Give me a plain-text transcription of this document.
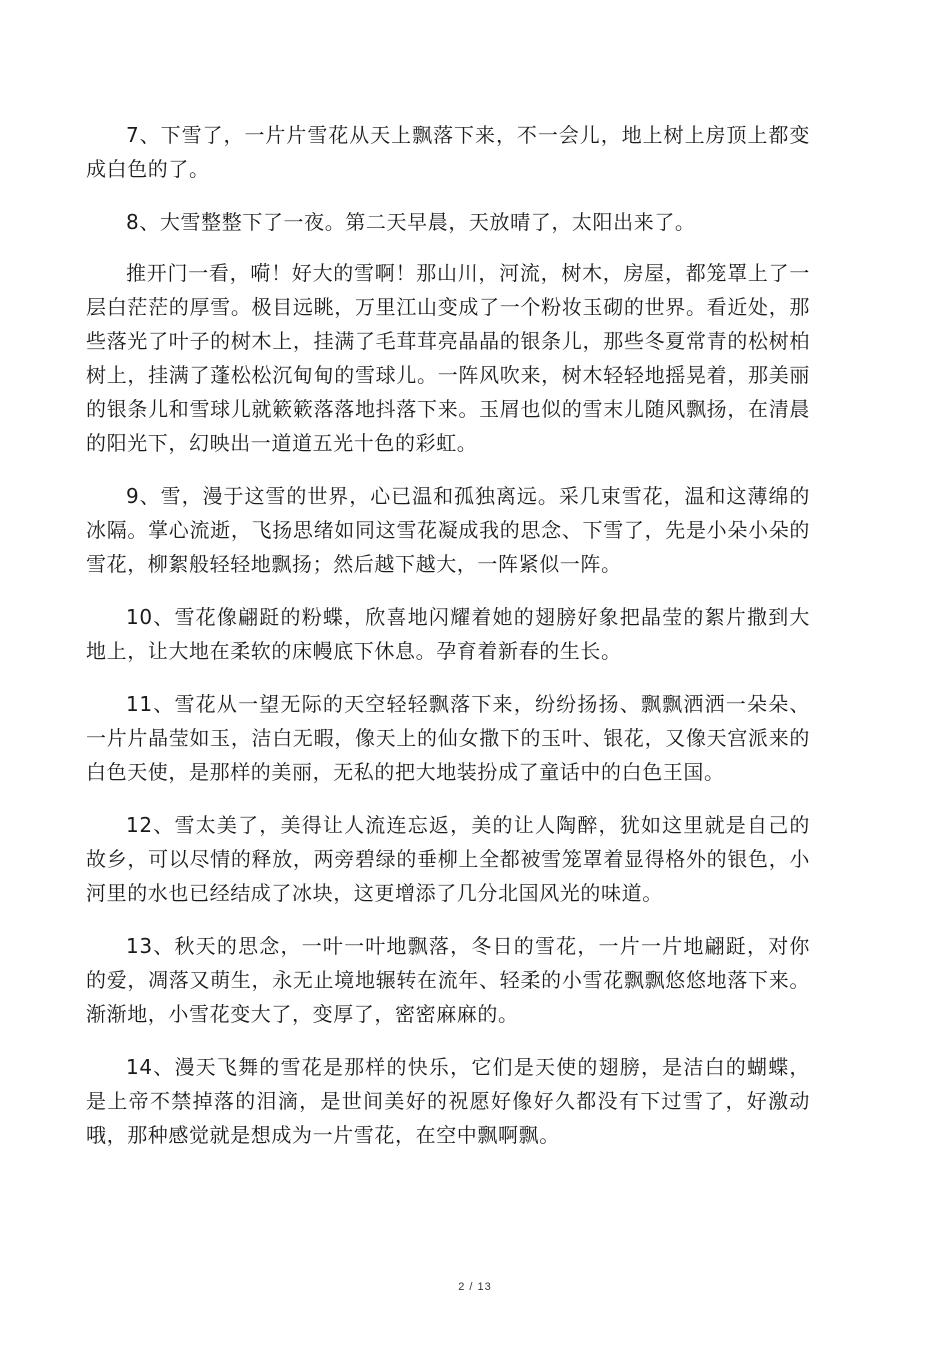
7、下雪了，一片片雪花从天上飘落下来，不一会儿，地上树上房顶上都变成白色的了。

8、大雪整整下了一夜。第二天早晨，天放晴了，太阳出来了。

推开门一看，嗬！好大的雪啊！那山川，河流，树木，房屋，都笼罩上了一层白茫茫的厚雪。极目远眺，万里江山变成了一个粉妆玉砌的世界。看近处，那些落光了叶子的树木上，挂满了毛茸茸亮晶晶的银条儿，那些冬夏常青的松树柏树上，挂满了蓬松松沉甸甸的雪球儿。一阵风吹来，树木轻轻地摇晃着，那美丽的银条儿和雪球儿就簌簌落落地抖落下来。玉屑也似的雪末儿随风飘扬，在清晨的阳光下，幻映出一道道五光十色的彩虹。

9、雪，漫于这雪的世界，心已温和孤独离远。采几束雪花，温和这薄绵的冰隔。掌心流逝，飞扬思绪如同这雪花凝成我的思念、下雪了，先是小朵小朵的雪花，柳絮般轻轻地飘扬；然后越下越大，一阵紧似一阵。

10、雪花像翩跹的粉蝶，欣喜地闪耀着她的翅膀好象把晶莹的絮片撒到大地上，让大地在柔软的床幔底下休息。孕育着新春的生长。

11、雪花从一望无际的天空轻轻飘落下来，纷纷扬扬、飘飘洒洒一朵朵、一片片晶莹如玉，洁白无暇，像天上的仙女撒下的玉叶、银花，又像天宫派来的白色天使，是那样的美丽，无私的把大地装扮成了童话中的白色王国。

12、雪太美了，美得让人流连忘返，美的让人陶醉，犹如这里就是自己的故乡，可以尽情的释放，两旁碧绿的垂柳上全都被雪笼罩着显得格外的银色，小河里的水也已经结成了冰块，这更增添了几分北国风光的味道。

13、秋天的思念，一叶一叶地飘落，冬日的雪花，一片一片地翩跹，对你的爱，凋落又萌生，永无止境地辗转在流年、轻柔的小雪花飘飘悠悠地落下来。渐渐地，小雪花变大了，变厚了，密密麻麻的。

14、漫天飞舞的雪花是那样的快乐，它们是天使的翅膀，是洁白的蝴蝶，是上帝不禁掉落的泪滴，是世间美好的祝愿好像好久都没有下过雪了，好激动哦，那种感觉就是想成为一片雪花，在空中飘啊飘。

2 / 13
